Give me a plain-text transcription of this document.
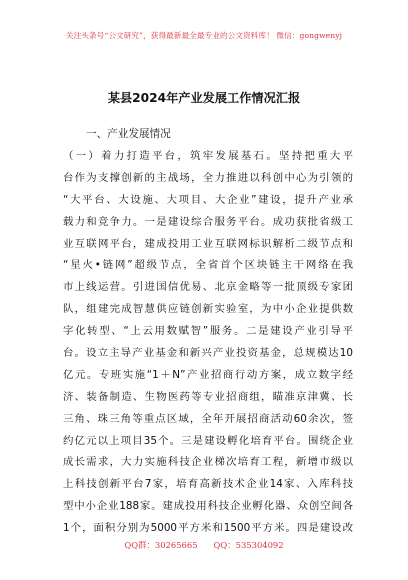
关注头条号“公文研究”，获得最新最全最专业的公文资料库！ 微信：gongwenyj
某县2024年产业发展工作情况汇报
一、产业发展情况
（一）着力打造平台，筑牢发展基石。坚持把重大平
台作为支撑创新的主战场，全力推进以科创中心为引领的
“大平台、大设施、大项目、大企业”建设，提升产业承
载力和竞争力。一是建设综合服务平台。成功获批省级工
业互联网平台，建成投用工业互联网标识解析二级节点和
“星火•链网”超级节点，全省首个区块链主干网络在我
市上线运营。引进国信优易、北京金略等一批顶级专家团
队，组建完成智慧供应链创新实验室，为中小企业提供数
字化转型、“上云用数赋智”服务。二是建设产业引导平
台。设立主导产业基金和新兴产业投资基金，总规模达10
亿元。专班实施“1＋N”产业招商行动方案，成立数字经
济、装备制造、生物医药等专业招商组，瞄准京津冀、长
三角、珠三角等重点区域，全年开展招商活动60余次，签
约亿元以上项目35个。三是建设孵化培育平台。围绕企业
成长需求，大力实施科技企业梯次培育工程，新增市级以
上科技创新平台7家，培育高新技术企业14家、入库科技
型中小企业188家。建成投用科技企业孵化器、众创空间各
1个，面积分别为5000平方米和1500平方米。四是建设改
QQ群：30265665 QQ：535304092
